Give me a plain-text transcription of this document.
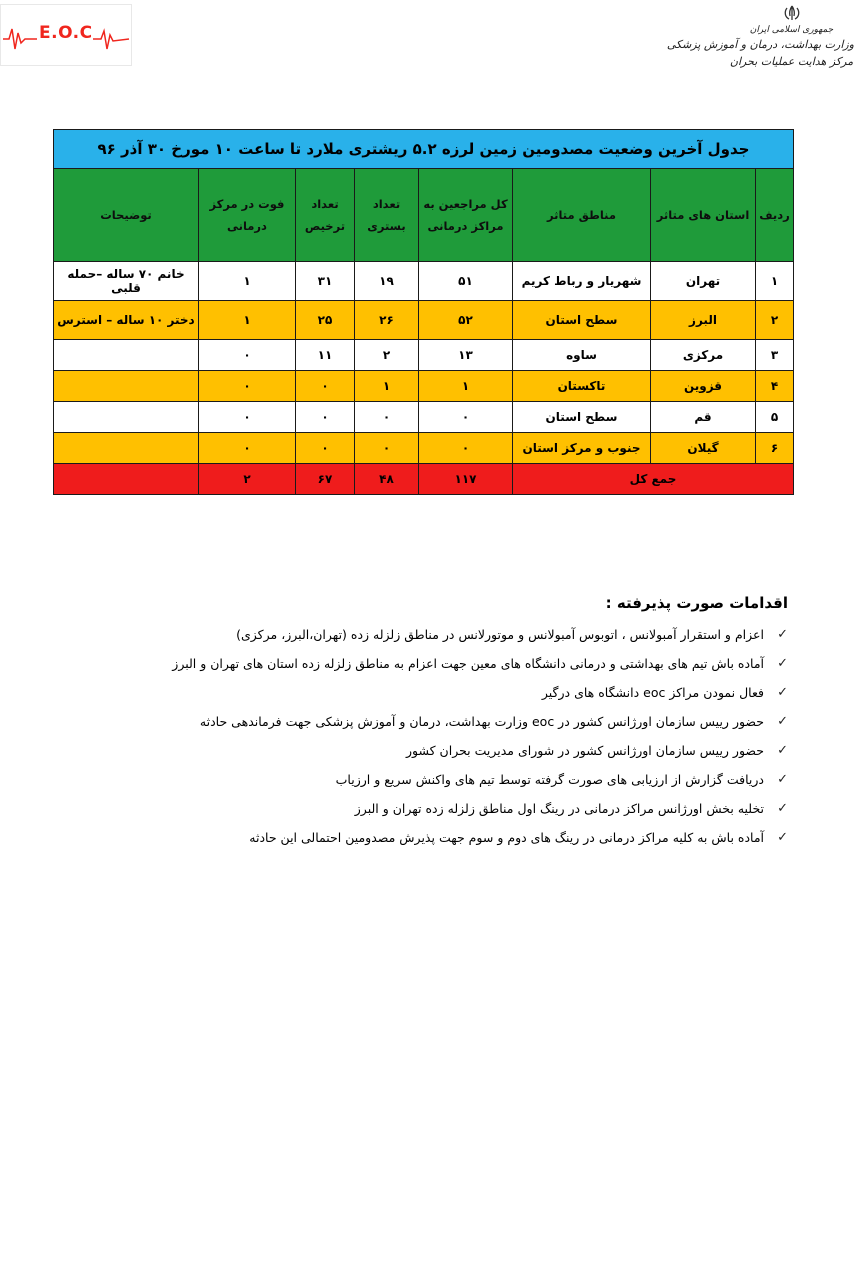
E.O.C	جمهوری اسلامی ایران
وزارت بهداشت، درمان و آموزش پزشکی
مرکز هدایت عملیات بحران
جدول آخرین وضعیت مصدومین زمین لرزه ۵.۲ ریشتری ملارد تا ساعت ۱۰ مورخ ۳۰ آذر ۹۶							
ردیف	استان های متاثر	مناطق متاثر	کل مراجعین به مراکز درمانی	تعداد بستری	تعداد ترخیص	فوت در مرکز درمانی	توضیحات
۱	تهران	شهریار و رباط کریم	۵۱	۱۹	۳۱	۱	خانم ۷۰ ساله –حمله قلبی
۲	البرز	سطح استان	۵۲	۲۶	۲۵	۱	دختر ۱۰ ساله – استرس
۳	مرکزی	ساوه	۱۳	۲	۱۱	۰	
۴	قزوین	تاکستان	۱	۱	۰	۰	
۵	قم	سطح استان	۰	۰	۰	۰	
۶	گیلان	جنوب و مرکز استان	۰	۰	۰	۰	
جمع کل			۱۱۷	۴۸	۶۷	۲	
اقدامات صورت پذیرفته :
✓
اعزام و استقرار آمبولانس ، اتوبوس آمبولانس و موتورلانس در مناطق زلزله زده (تهران،البرز، مرکزی)
✓
آماده باش تیم های بهداشتی و درمانی دانشگاه های معین جهت اعزام به مناطق زلزله زده استان های تهران و البرز
✓
فعال نمودن مراکز eoc دانشگاه های درگیر
✓
حضور رییس سازمان اورژانس کشور در eoc وزارت بهداشت، درمان و آموزش پزشکی جهت فرماندهی حادثه
✓
حضور رییس سازمان اورژانس کشور در شورای مدیریت بحران کشور
✓
دریافت گزارش از ارزیابی های صورت گرفته توسط تیم های واکنش سریع و ارزیاب
✓
تخلیه بخش اورژانس مراکز درمانی در رینگ اول مناطق زلزله زده تهران و البرز
✓
آماده باش به کلیه مراکز درمانی در رینگ های دوم و سوم جهت پذیرش مصدومین احتمالی این حادثه
